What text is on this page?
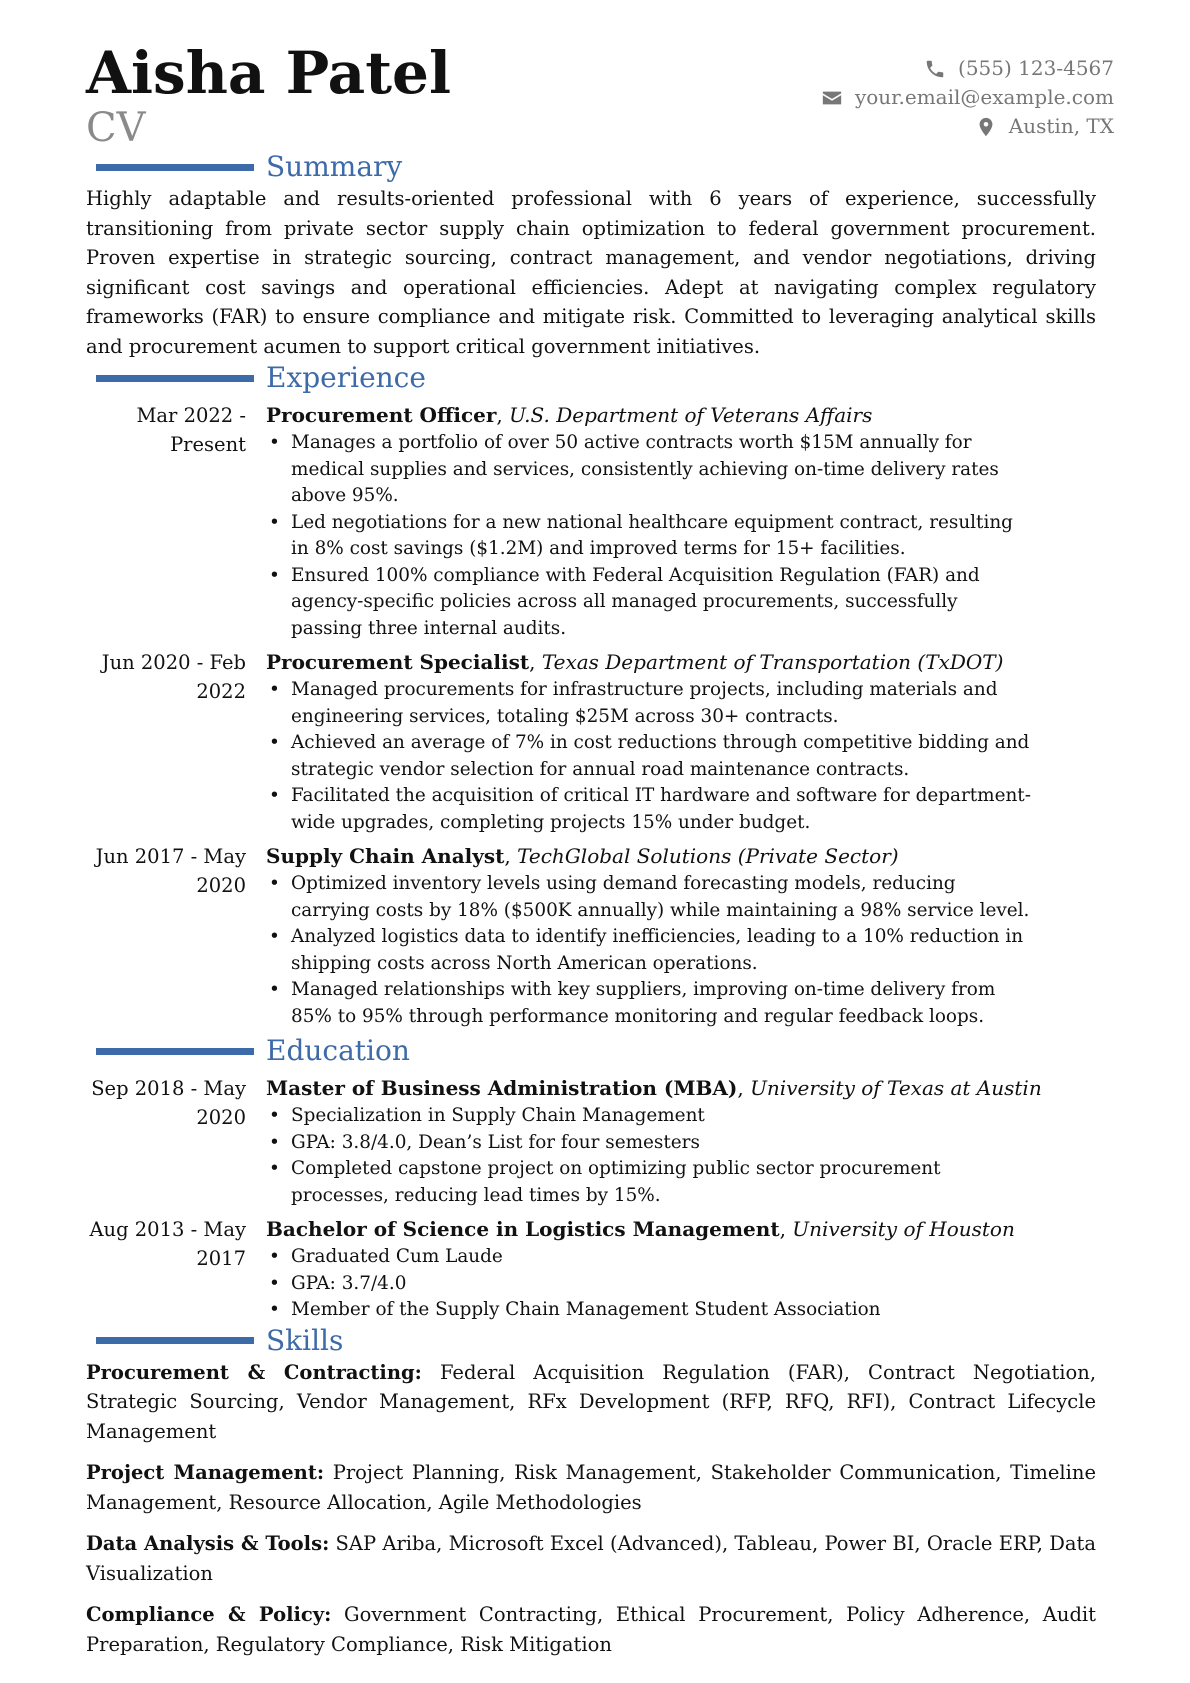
Aisha Patel
CV
(555) 123-4567
your.email@example.com
Austin, TX
Summary

Highly adaptable and results-oriented professional with 6 years of experience, successfully transitioning from private sector supply chain optimization to federal government procurement. Proven expertise in strategic sourcing, contract management, and vendor negotiations, driving significant cost savings and operational efficiencies. Adept at navigating complex regulatory frameworks (FAR) to ensure compliance and mitigate risk. Committed to leveraging analytical skills and procurement acumen to support critical government initiatives.

Experience
Mar 2022 - Present
Procurement Officer, U.S. Department of Veterans Affairs
• Manages a portfolio of over 50 active contracts worth $15M annually for medical supplies and services, consistently achieving on-time delivery rates above 95%.
• Led negotiations for a new national healthcare equipment contract, resulting in 8% cost savings ($1.2M) and improved terms for 15+ facilities.
• Ensured 100% compliance with Federal Acquisition Regulation (FAR) and agency-specific policies across all managed procurements, successfully passing three internal audits.
Jun 2020 - Feb 2022
Procurement Specialist, Texas Department of Transportation (TxDOT)
• Managed procurements for infrastructure projects, including materials and engineering services, totaling $25M across 30+ contracts.
• Achieved an average of 7% in cost reductions through competitive bidding and strategic vendor selection for annual road maintenance contracts.
• Facilitated the acquisition of critical IT hardware and software for department-wide upgrades, completing projects 15% under budget.
Jun 2017 - May 2020
Supply Chain Analyst, TechGlobal Solutions (Private Sector)
• Optimized inventory levels using demand forecasting models, reducing carrying costs by 18% ($500K annually) while maintaining a 98% service level.
• Analyzed logistics data to identify inefficiencies, leading to a 10% reduction in shipping costs across North American operations.
• Managed relationships with key suppliers, improving on-time delivery from 85% to 95% through performance monitoring and regular feedback loops.
Education
Sep 2018 - May 2020
Master of Business Administration (MBA), University of Texas at Austin
• Specialization in Supply Chain Management
• GPA: 3.8/4.0, Dean’s List for four semesters
• Completed capstone project on optimizing public sector procurement processes, reducing lead times by 15%.
Aug 2013 - May 2017
Bachelor of Science in Logistics Management, University of Houston
• Graduated Cum Laude
• GPA: 3.7/4.0
• Member of the Supply Chain Management Student Association
Skills

Procurement & Contracting: Federal Acquisition Regulation (FAR), Contract Negotiation, Strategic Sourcing, Vendor Management, RFx Development (RFP, RFQ, RFI), Contract Lifecycle Management

Project Management: Project Planning, Risk Management, Stakeholder Communication, Timeline Management, Resource Allocation, Agile Methodologies

Data Analysis & Tools: SAP Ariba, Microsoft Excel (Advanced), Tableau, Power BI, Oracle ERP, Data Visualization

Compliance & Policy: Government Contracting, Ethical Procurement, Policy Adherence, Audit Preparation, Regulatory Compliance, Risk Mitigation
